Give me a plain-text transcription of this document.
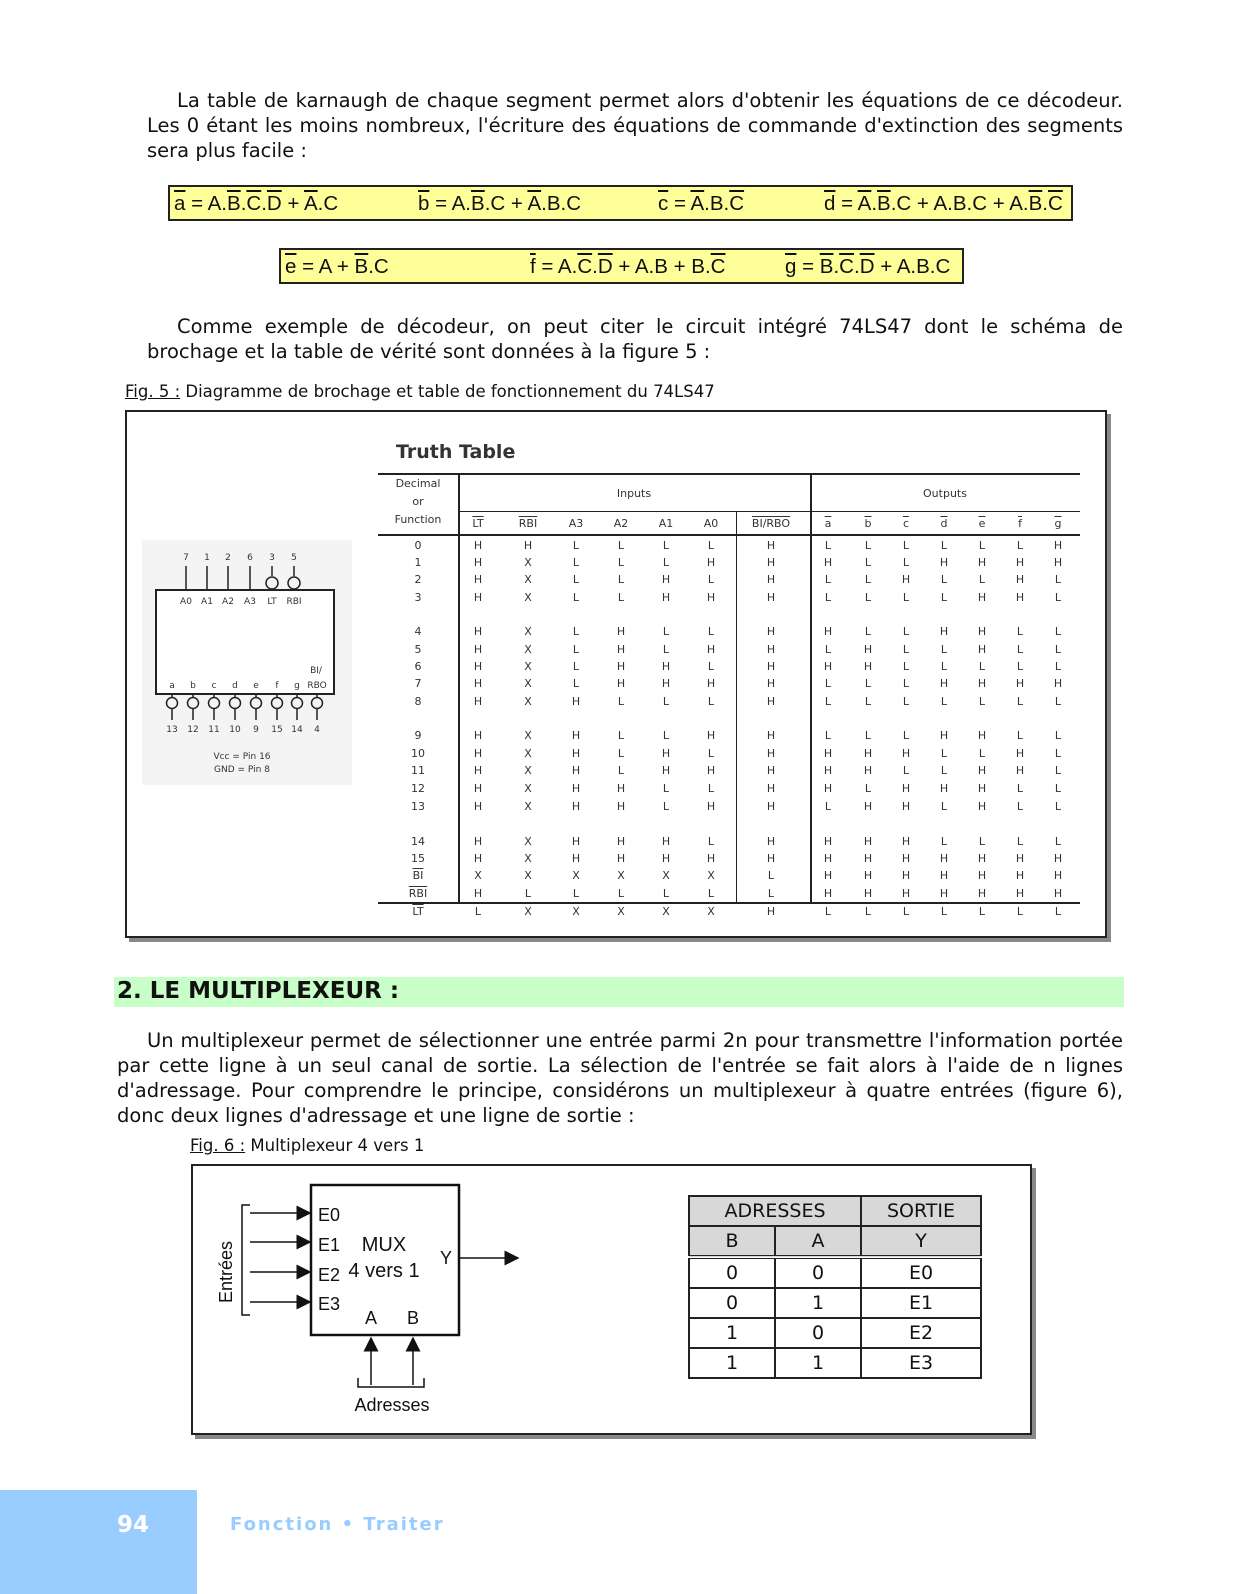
La table de karnaugh de chaque segment permet alors d'obtenir les équations de ce décodeur. Les 0 étant les moins nombreux, l'écriture des équations de commande d'extinction des segments sera plus facile :
$\overline{a} = A.\overline{B}.\overline{C}.\overline{D} + \overline{A}.C$	$\overline{b} = A.\overline{B}.C + \overline{A}.B.C$	$\overline{c} = \overline{A}.B.\overline{C}$	$\overline{d} = \overline{A}.\overline{B}.C + A.B.C + A.\overline{B}.\overline{C}$
$\overline{e} = A + \overline{B}.C$	$\overline{f} = A.\overline{C}.\overline{D} + A.B + B.\overline{C}$	$\overline{g} = \overline{B}.\overline{C}.\overline{D} + A.B.C$
Comme exemple de décodeur, on peut citer le circuit intégré 74LS47 dont le schéma de brochage et la table de vérité sont données à la figure 5 :
Fig. 5 : Diagramme de brochage et table de fonctionnement du 74LS47
7 1 2 6 3 5
A0 A1 A2 A3 LT RBI
BI/
a b c d e f g RBO
13 12 11 10 9 15 14 4
Vcc = Pin 16
GND = Pin 8
Truth Table
Decimal
or
Function
Inputs	Outputs
$\overline{LT}$	$\overline{RBI}$	A3	A2	A1	A0	BI/RBO	$\overline{a}$	$\overline{b}$	$\overline{c}$	$\overline{d}$	$\overline{e}$	$\overline{f}$	$\overline{g}$
0	H	H	L	L	L	L	H	L	L	L	L	L	L	H
1	H	X	L	L	L	H	H	H	L	L	H	H	H	H
2	H	X	L	L	H	L	H	L	L	H	L	L	H	L
3	H	X	L	L	H	H	H	L	L	L	L	H	H	L
4	H	X	L	H	L	L	H	H	L	L	H	H	L	L
5	H	X	L	H	L	H	H	L	H	L	L	H	L	L
6	H	X	L	H	H	L	H	H	H	L	L	L	L	L
7	H	X	L	H	H	H	H	L	L	L	H	H	H	H
8	H	X	H	L	L	L	H	L	L	L	L	L	L	L
9	H	X	H	L	L	H	H	L	L	L	H	H	L	L
10	H	X	H	L	H	L	H	H	H	H	L	L	H	L
11	H	X	H	L	H	H	H	H	H	L	L	H	H	L
12	H	X	H	H	L	L	H	H	L	H	H	H	L	L
13	H	X	H	H	L	H	H	L	H	H	L	H	L	L
14	H	X	H	H	H	L	H	H	H	H	L	L	L	L
15	H	X	H	H	H	H	H	H	H	H	H	H	H	H
$\overline{BI}$	X	X	X	X	X	X	L	H	H	H	H	H	H	H
$\overline{RBI}$	H	L	L	L	L	L	L	H	H	H	H	H	H	H
$\overline{LT}$	L	X	X	X	X	X	H	L	L	L	L	L	L	L
2. LE MULTIPLEXEUR :
Un multiplexeur permet de sélectionner une entrée parmi 2n pour transmettre l'information portée par cette ligne à un seul canal de sortie. La sélection de l'entrée se fait alors à l'aide de n lignes d'adressage. Pour comprendre le principe, considérons un multiplexeur à quatre entrées (figure 6), donc deux lignes d'adressage et une ligne de sortie :
Fig. 6 : Multiplexeur 4 vers 1
Entrées
E0
E1
E2
E3
MUX
4 vers 1
Y
A B
Adresses
ADRESSES		SORTIE
B	A	Y
0	0	E0
0	1	E1
1	0	E2
1	1	E3
94	Fonction • Traiter
